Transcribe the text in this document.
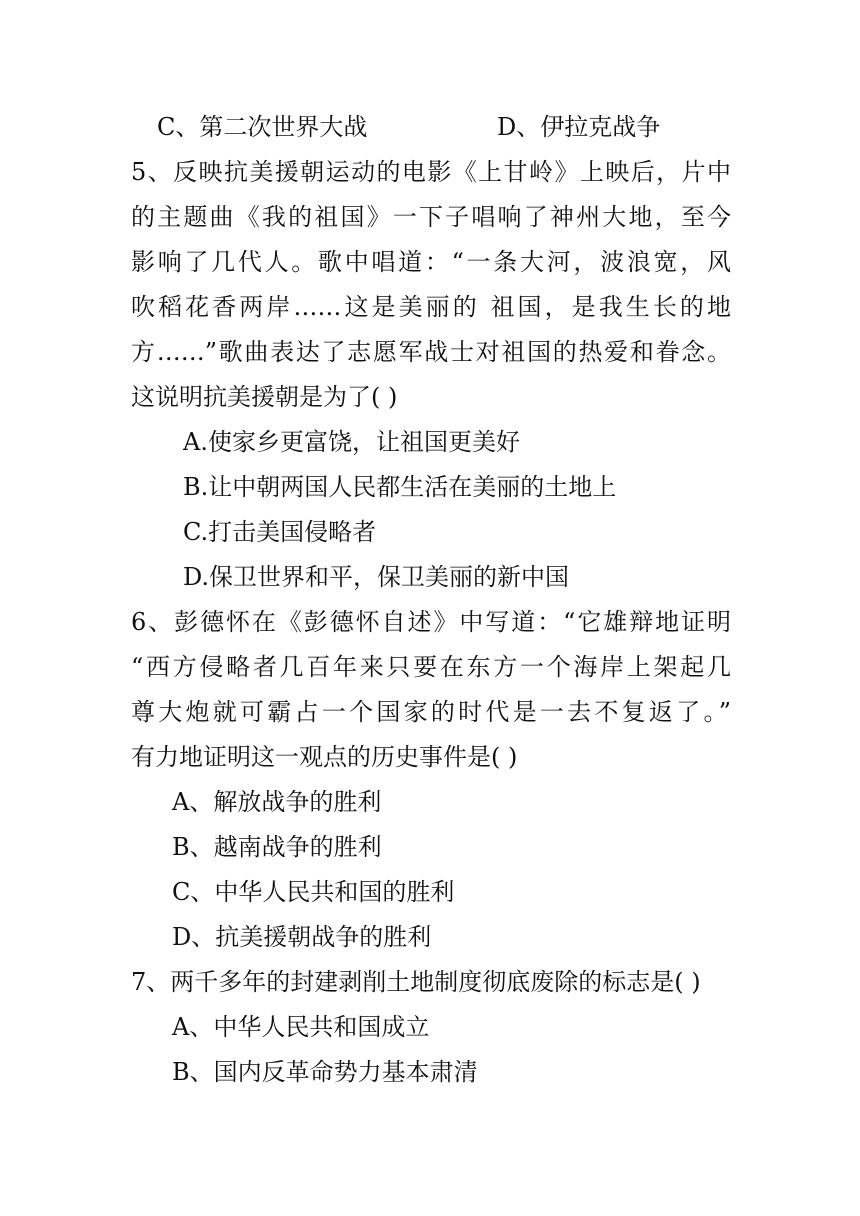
C、第二次世界大战	D、伊拉克战争
5、反映抗美援朝运动的电影《上甘岭》上映后，片中
的主题曲《我的祖国》一下子唱响了神州大地，至今
影响了几代人。歌中唱道：“一条大河，波浪宽，风
吹稻花香两岸……这是美丽的 祖国，是我生长的地
方……”歌曲表达了志愿军战士对祖国的热爱和眷念。
这说明抗美援朝是为了( )
A.使家乡更富饶，让祖国更美好
B.让中朝两国人民都生活在美丽的土地上
C.打击美国侵略者
D.保卫世界和平，保卫美丽的新中国
6、彭德怀在《彭德怀自述》中写道：“它雄辩地证明
“西方侵略者几百年来只要在东方一个海岸上架起几
尊大炮就可霸占一个国家的时代是一去不复返了。”
有力地证明这一观点的历史事件是( )
A、解放战争的胜利
B、越南战争的胜利
C、中华人民共和国的胜利
D、抗美援朝战争的胜利
7、两千多年的封建剥削土地制度彻底废除的标志是( )
A、中华人民共和国成立
B、国内反革命势力基本肃清
